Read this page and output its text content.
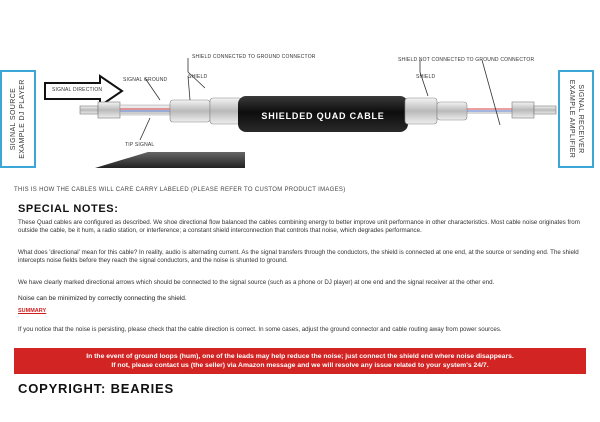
SIGNAL SOURCE EXAMPLE DJ PLAYER	SIGNAL RECEIVER EXAMPLE AMPLIFIER
SHIELDED QUAD CABLE
SIGNAL DIRECTION
SHIELD CONNECTED TO GROUND CONNECTOR	SHIELD NOT CONNECTED TO GROUND CONNECTOR
SHIELD	SHIELD
SIGNAL GROUND
TIP SIGNAL
THIS IS HOW THE CABLES WILL CARE CARRY LABELED (PLEASE REFER TO CUSTOM PRODUCT IMAGES)
SPECIAL NOTES:
These Quad cables are configured as described. We shoe directional flow balanced the cables combining energy to better improve unit performance in other characteristics. Most cable noise originates from outside the cable, be it hum, a radio station, or interference; a constant shield interconnection that controls that noise, which degrades performance.
What does 'directional' mean for this cable? In reality, audio is alternating current. As the signal transfers through the conductors, the shield is connected at one end, at the source or sending end. The shield intercepts noise fields before they reach the signal conductors, and the noise is shunted to ground.
We have clearly marked directional arrows which should be connected to the signal source (such as a phone or DJ player) at one end and the signal receiver at the other end.
Noise can be minimized by correctly connecting the shield.
SUMMARY
If you notice that the noise is persisting, please check that the cable direction is correct. In some cases, adjust the ground connector and cable routing away from power sources.
In the event of ground loops (hum), one of the leads may help reduce the noise; just connect the shield end where noise disappears.
If not, please contact us (the seller) via Amazon message and we will resolve any issue related to your system's 24/7.
COPYRIGHT: BEARIES
